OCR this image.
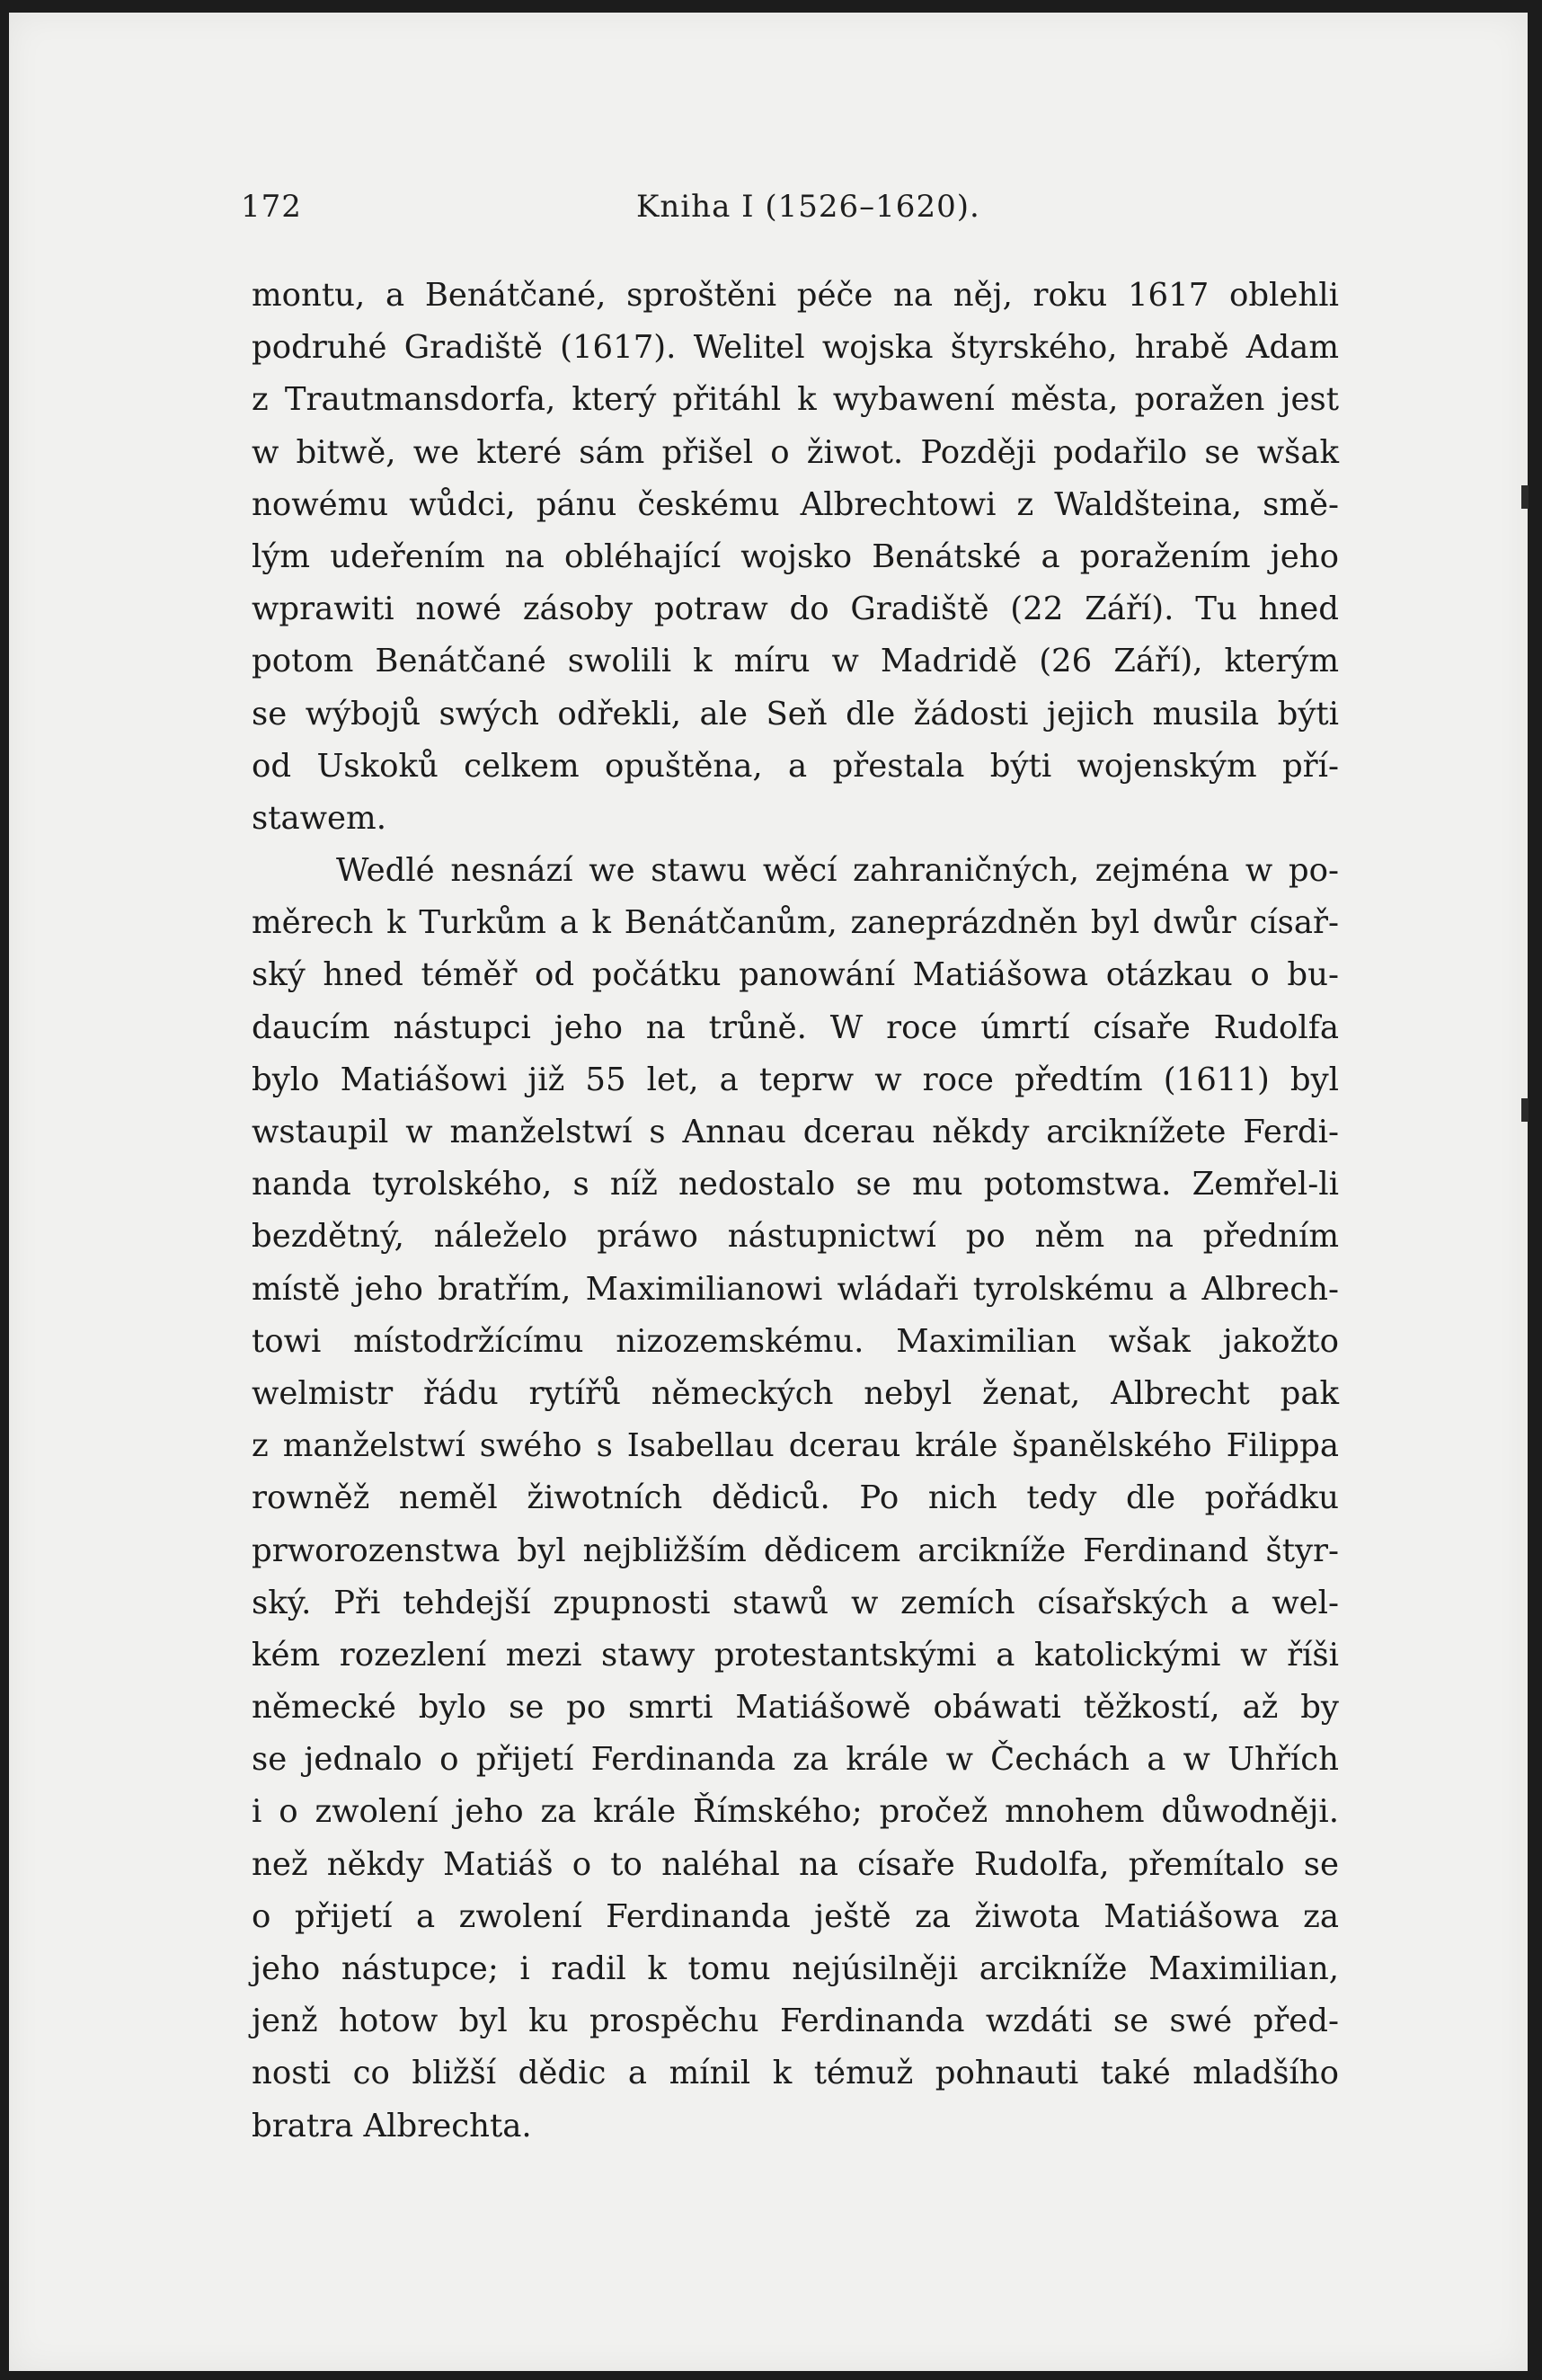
172	Kniha I (1526–1620).
montu, a Benátčané, sproštěni péče na něj, roku 1617 oblehli
podruhé Gradiště (1617). Welitel wojska štyrského, hrabě Adam
z Trautmansdorfa, který přitáhl k wybawení města, poražen jest
w bitwě, we které sám přišel o žiwot. Později podařilo se wšak
nowému wůdci, pánu českému Albrechtowi z Waldšteina, smě-
lým udeřením na obléhající wojsko Benátské a poražením jeho
wprawiti nowé zásoby potraw do Gradiště (22 Září). Tu hned
potom Benátčané swolili k míru w Madridě (26 Září), kterým
se wýbojů swých odřekli, ale Seň dle žádosti jejich musila býti
od Uskoků celkem opuštěna, a přestala býti wojenským pří-
stawem.
Wedlé nesnází we stawu wěcí zahraničných, zejména w po-
měrech k Turkům a k Benátčanům, zaneprázdněn byl dwůr císař-
ský hned téměř od počátku panowání Matiášowa otázkau o bu-
daucím nástupci jeho na trůně. W roce úmrtí císaře Rudolfa
bylo Matiášowi již 55 let, a teprw w roce předtím (1611) byl
wstaupil w manželstwí s Annau dcerau někdy arciknížete Ferdi-
nanda tyrolského, s níž nedostalo se mu potomstwa. Zemřel-li
bezdětný, náleželo práwo nástupnictwí po něm na předním
místě jeho bratřím, Maximilianowi wládaři tyrolskému a Albrech-
towi místodržícímu nizozemskému. Maximilian wšak jakožto
welmistr řádu rytířů německých nebyl ženat, Albrecht pak
z manželstwí swého s Isabellau dcerau krále španělského Filippa
rowněž neměl žiwotních dědiců. Po nich tedy dle pořádku
prworozenstwa byl nejbližším dědicem arcikníže Ferdinand štyr-
ský. Při tehdejší zpupnosti stawů w zemích císařských a wel-
kém rozezlení mezi stawy protestantskými a katolickými w říši
německé bylo se po smrti Matiášowě obáwati těžkostí, až by
se jednalo o přijetí Ferdinanda za krále w Čechách a w Uhřích
i o zwolení jeho za krále Římského; pročež mnohem důwodněji.
než někdy Matiáš o to naléhal na císaře Rudolfa, přemítalo se
o přijetí a zwolení Ferdinanda ještě za žiwota Matiášowa za
jeho nástupce; i radil k tomu nejúsilněji arcikníže Maximilian,
jenž hotow byl ku prospěchu Ferdinanda wzdáti se swé před-
nosti co bližší dědic a mínil k témuž pohnauti také mladšího
bratra Albrechta.
